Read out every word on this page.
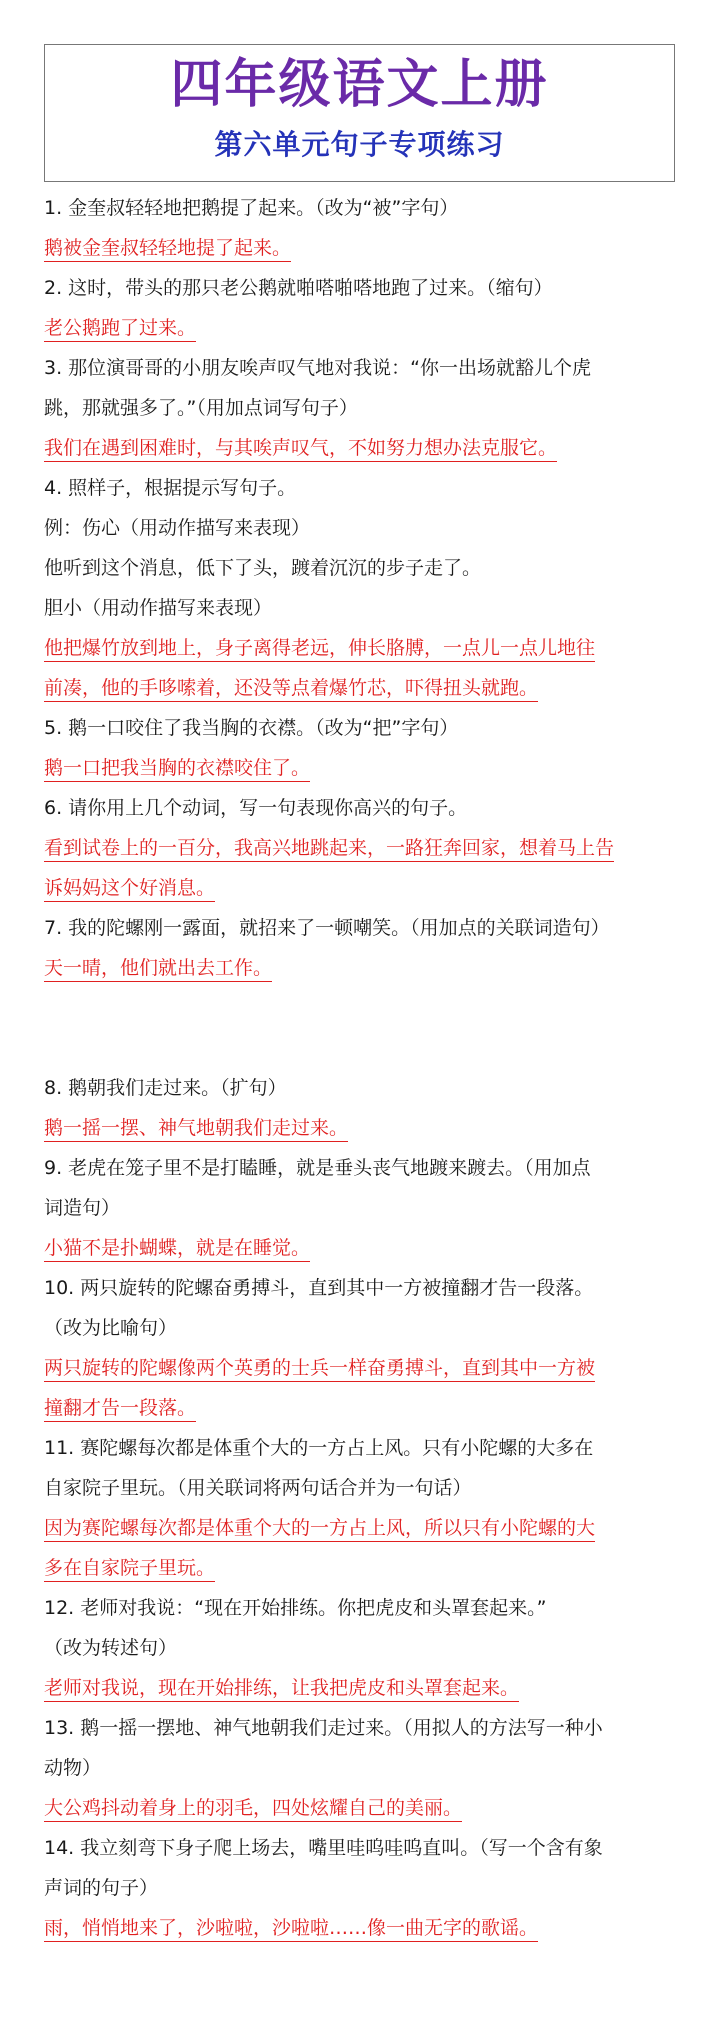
四年级语文上册
第六单元句子专项练习
1. 金奎叔轻轻地把鹅提了起来。（改为“被”字句）
鹅被金奎叔轻轻地提了起来。
2. 这时，带头的那只老公鹅就啪嗒啪嗒地跑了过来。（缩句）
老公鹅跑了过来。
3. 那位演哥哥的小朋友唉声叹气地对我说：“你一出场就豁儿个虎
跳，那就强多了。”（用加点词写句子）
我们在遇到困难时，与其唉声叹气，不如努力想办法克服它。
4. 照样子，根据提示写句子。
例：伤心（用动作描写来表现）
他听到这个消息，低下了头，踱着沉沉的步子走了。
胆小（用动作描写来表现）
他把爆竹放到地上，身子离得老远，伸长胳膊，一点儿一点儿地往
前凑，他的手哆嗦着，还没等点着爆竹芯，吓得扭头就跑。
5. 鹅一口咬住了我当胸的衣襟。（改为“把”字句）
鹅一口把我当胸的衣襟咬住了。
6. 请你用上几个动词，写一句表现你高兴的句子。
看到试卷上的一百分，我高兴地跳起来，一路狂奔回家，想着马上告
诉妈妈这个好消息。
7. 我的陀螺刚一露面，就招来了一顿嘲笑。（用加点的关联词造句）
天一晴，他们就出去工作。
8. 鹅朝我们走过来。（扩句）
鹅一摇一摆、神气地朝我们走过来。
9. 老虎在笼子里不是打瞌睡，就是垂头丧气地踱来踱去。（用加点
词造句）
小猫不是扑蝴蝶，就是在睡觉。
10. 两只旋转的陀螺奋勇搏斗，直到其中一方被撞翻才告一段落。
（改为比喻句）
两只旋转的陀螺像两个英勇的士兵一样奋勇搏斗，直到其中一方被
撞翻才告一段落。
11. 赛陀螺每次都是体重个大的一方占上风。只有小陀螺的大多在
自家院子里玩。（用关联词将两句话合并为一句话）
因为赛陀螺每次都是体重个大的一方占上风，所以只有小陀螺的大
多在自家院子里玩。
12. 老师对我说：“现在开始排练。你把虎皮和头罩套起来。”
（改为转述句）
老师对我说，现在开始排练，让我把虎皮和头罩套起来。
13. 鹅一摇一摆地、神气地朝我们走过来。（用拟人的方法写一种小
动物）
大公鸡抖动着身上的羽毛，四处炫耀自己的美丽。
14. 我立刻弯下身子爬上场去，嘴里哇呜哇呜直叫。（写一个含有象
声词的句子）
雨，悄悄地来了，沙啦啦，沙啦啦……像一曲无字的歌谣。
